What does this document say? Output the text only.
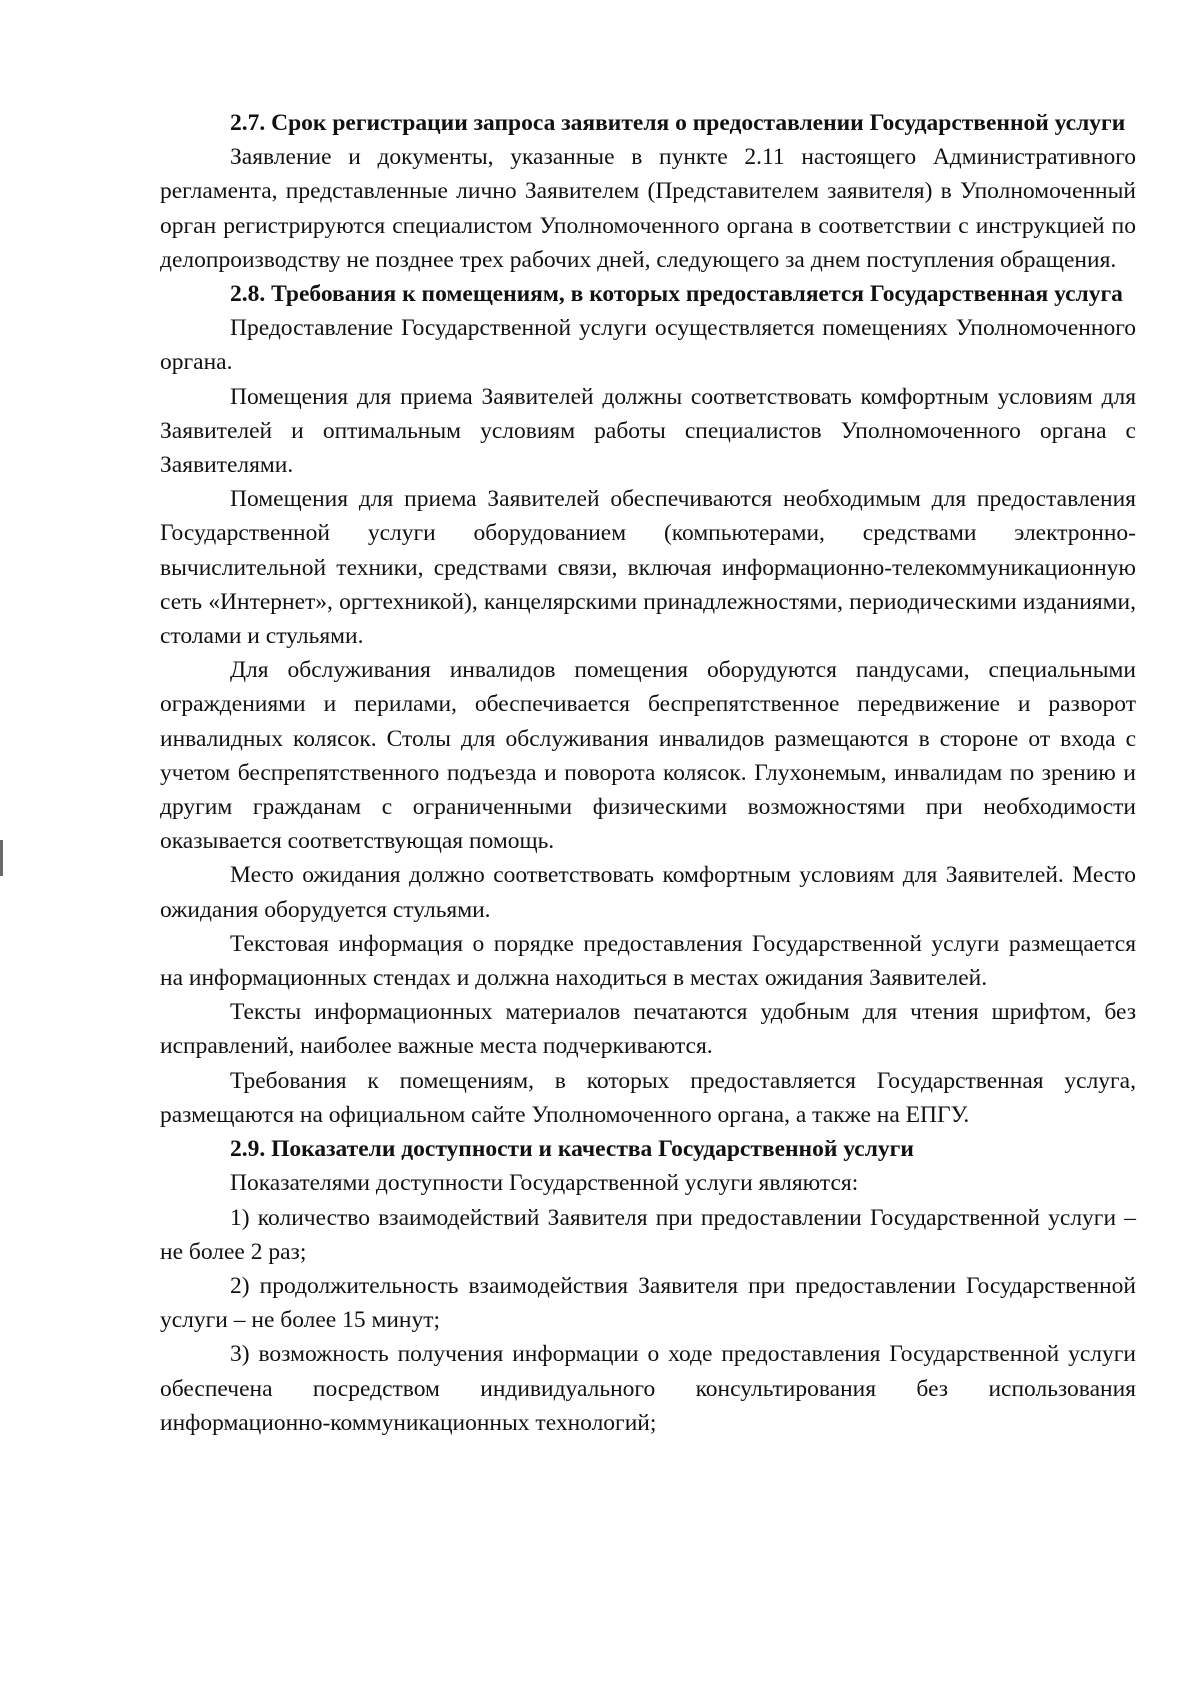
2.7. Срок регистрации запроса заявителя о предоставлении Государственной услуги

Заявление и документы, указанные в пункте 2.11 настоящего Административного регламента, представленные лично Заявителем (Представителем заявителя) в Уполномоченный орган регистрируются специалистом Уполномоченного органа в соответствии с инструкцией по делопроизводству не позднее трех рабочих дней, следующего за днем поступления обращения.

2.8. Требования к помещениям, в которых предоставляется Государственная услуга

Предоставление Государственной услуги осуществляется помещениях Уполномоченного органа.

Помещения для приема Заявителей должны соответствовать комфортным условиям для Заявителей и оптимальным условиям работы специалистов Уполномоченного органа с Заявителями.

Помещения для приема Заявителей обеспечиваются необходимым для предоставления Государственной услуги оборудованием (компьютерами, средствами электронно-вычислительной техники, средствами связи, включая информационно-телекоммуникационную сеть «Интернет», оргтехникой), канцелярскими принадлежностями, периодическими изданиями, столами и стульями.

Для обслуживания инвалидов помещения оборудуются пандусами, специальными ограждениями и перилами, обеспечивается беспрепятственное передвижение и разворот инвалидных колясок. Столы для обслуживания инвалидов размещаются в стороне от входа с учетом беспрепятственного подъезда и поворота колясок. Глухонемым, инвалидам по зрению и другим гражданам с ограниченными физическими возможностями при необходимости оказывается соответствующая помощь.

Место ожидания должно соответствовать комфортным условиям для Заявителей. Место ожидания оборудуется стульями.

Текстовая информация о порядке предоставления Государственной услуги размещается на информационных стендах и должна находиться в местах ожидания Заявителей.

Тексты информационных материалов печатаются удобным для чтения шрифтом, без исправлений, наиболее важные места подчеркиваются.

Требования к помещениям, в которых предоставляется Государственная услуга, размещаются на официальном сайте Уполномоченного органа, а также на ЕПГУ.

2.9. Показатели доступности и качества Государственной услуги

Показателями доступности Государственной услуги являются:

1) количество взаимодействий Заявителя при предоставлении Государственной услуги – не более 2 раз;

2) продолжительность взаимодействия Заявителя при предоставлении Государственной услуги – не более 15 минут;

3) возможность получения информации о ходе предоставления Государственной услуги обеспечена посредством индивидуального консультирования без использования информационно-коммуникационных технологий;
